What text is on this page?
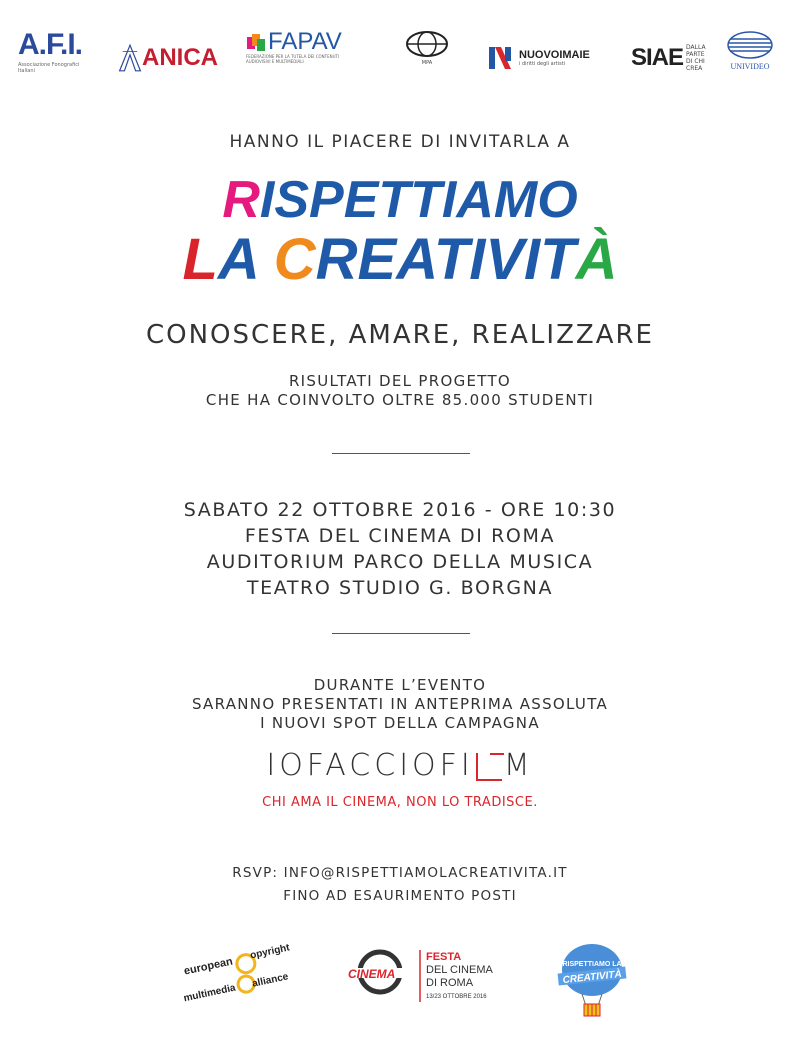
A.F.I.
Associazione Fonografici Italiani	ANICA
FAPAV
FEDERAZIONE PER LA TUTELA DEI CONTENUTI AUDIOVISIVI E MULTIMEDIALI	MPA
NUOVOIMAIE
i diritti degli artisti	SIAE DALLA
PARTE
DI CHI
CREA	UNIVIDEO
HANNO IL PIACERE DI INVITARLA A
RISPETTIAMO
LA CREATIVITÀ
CONOSCERE, AMARE, REALIZZARE
RISULTATI DEL PROGETTO
CHE HA COINVOLTO OLTRE 85.000 STUDENTI
SABATO 22 OTTOBRE 2016 - ORE 10:30
FESTA DEL CINEMA DI ROMA
AUDITORIUM PARCO DELLA MUSICA
TEATRO STUDIO G. BORGNA
DURANTE L’EVENTO
SARANNO PRESENTATI IN ANTEPRIMA ASSOLUTA
I NUOVI SPOT DELLA CAMPAGNA
IOFACCIOFI M
CHI AMA IL CINEMA, NON LO TRADISCE.
RSVP: INFO@RISPETTIAMOLACREATIVITA.IT
FINO AD ESAURIMENTO POSTI
european
opyright
multimedia
alliance	CINEMA
FESTA
DEL CINEMA
DI ROMA
13/23 OTTOBRE 2016
RISPETTIAMO LA
CREATIVITÀ
